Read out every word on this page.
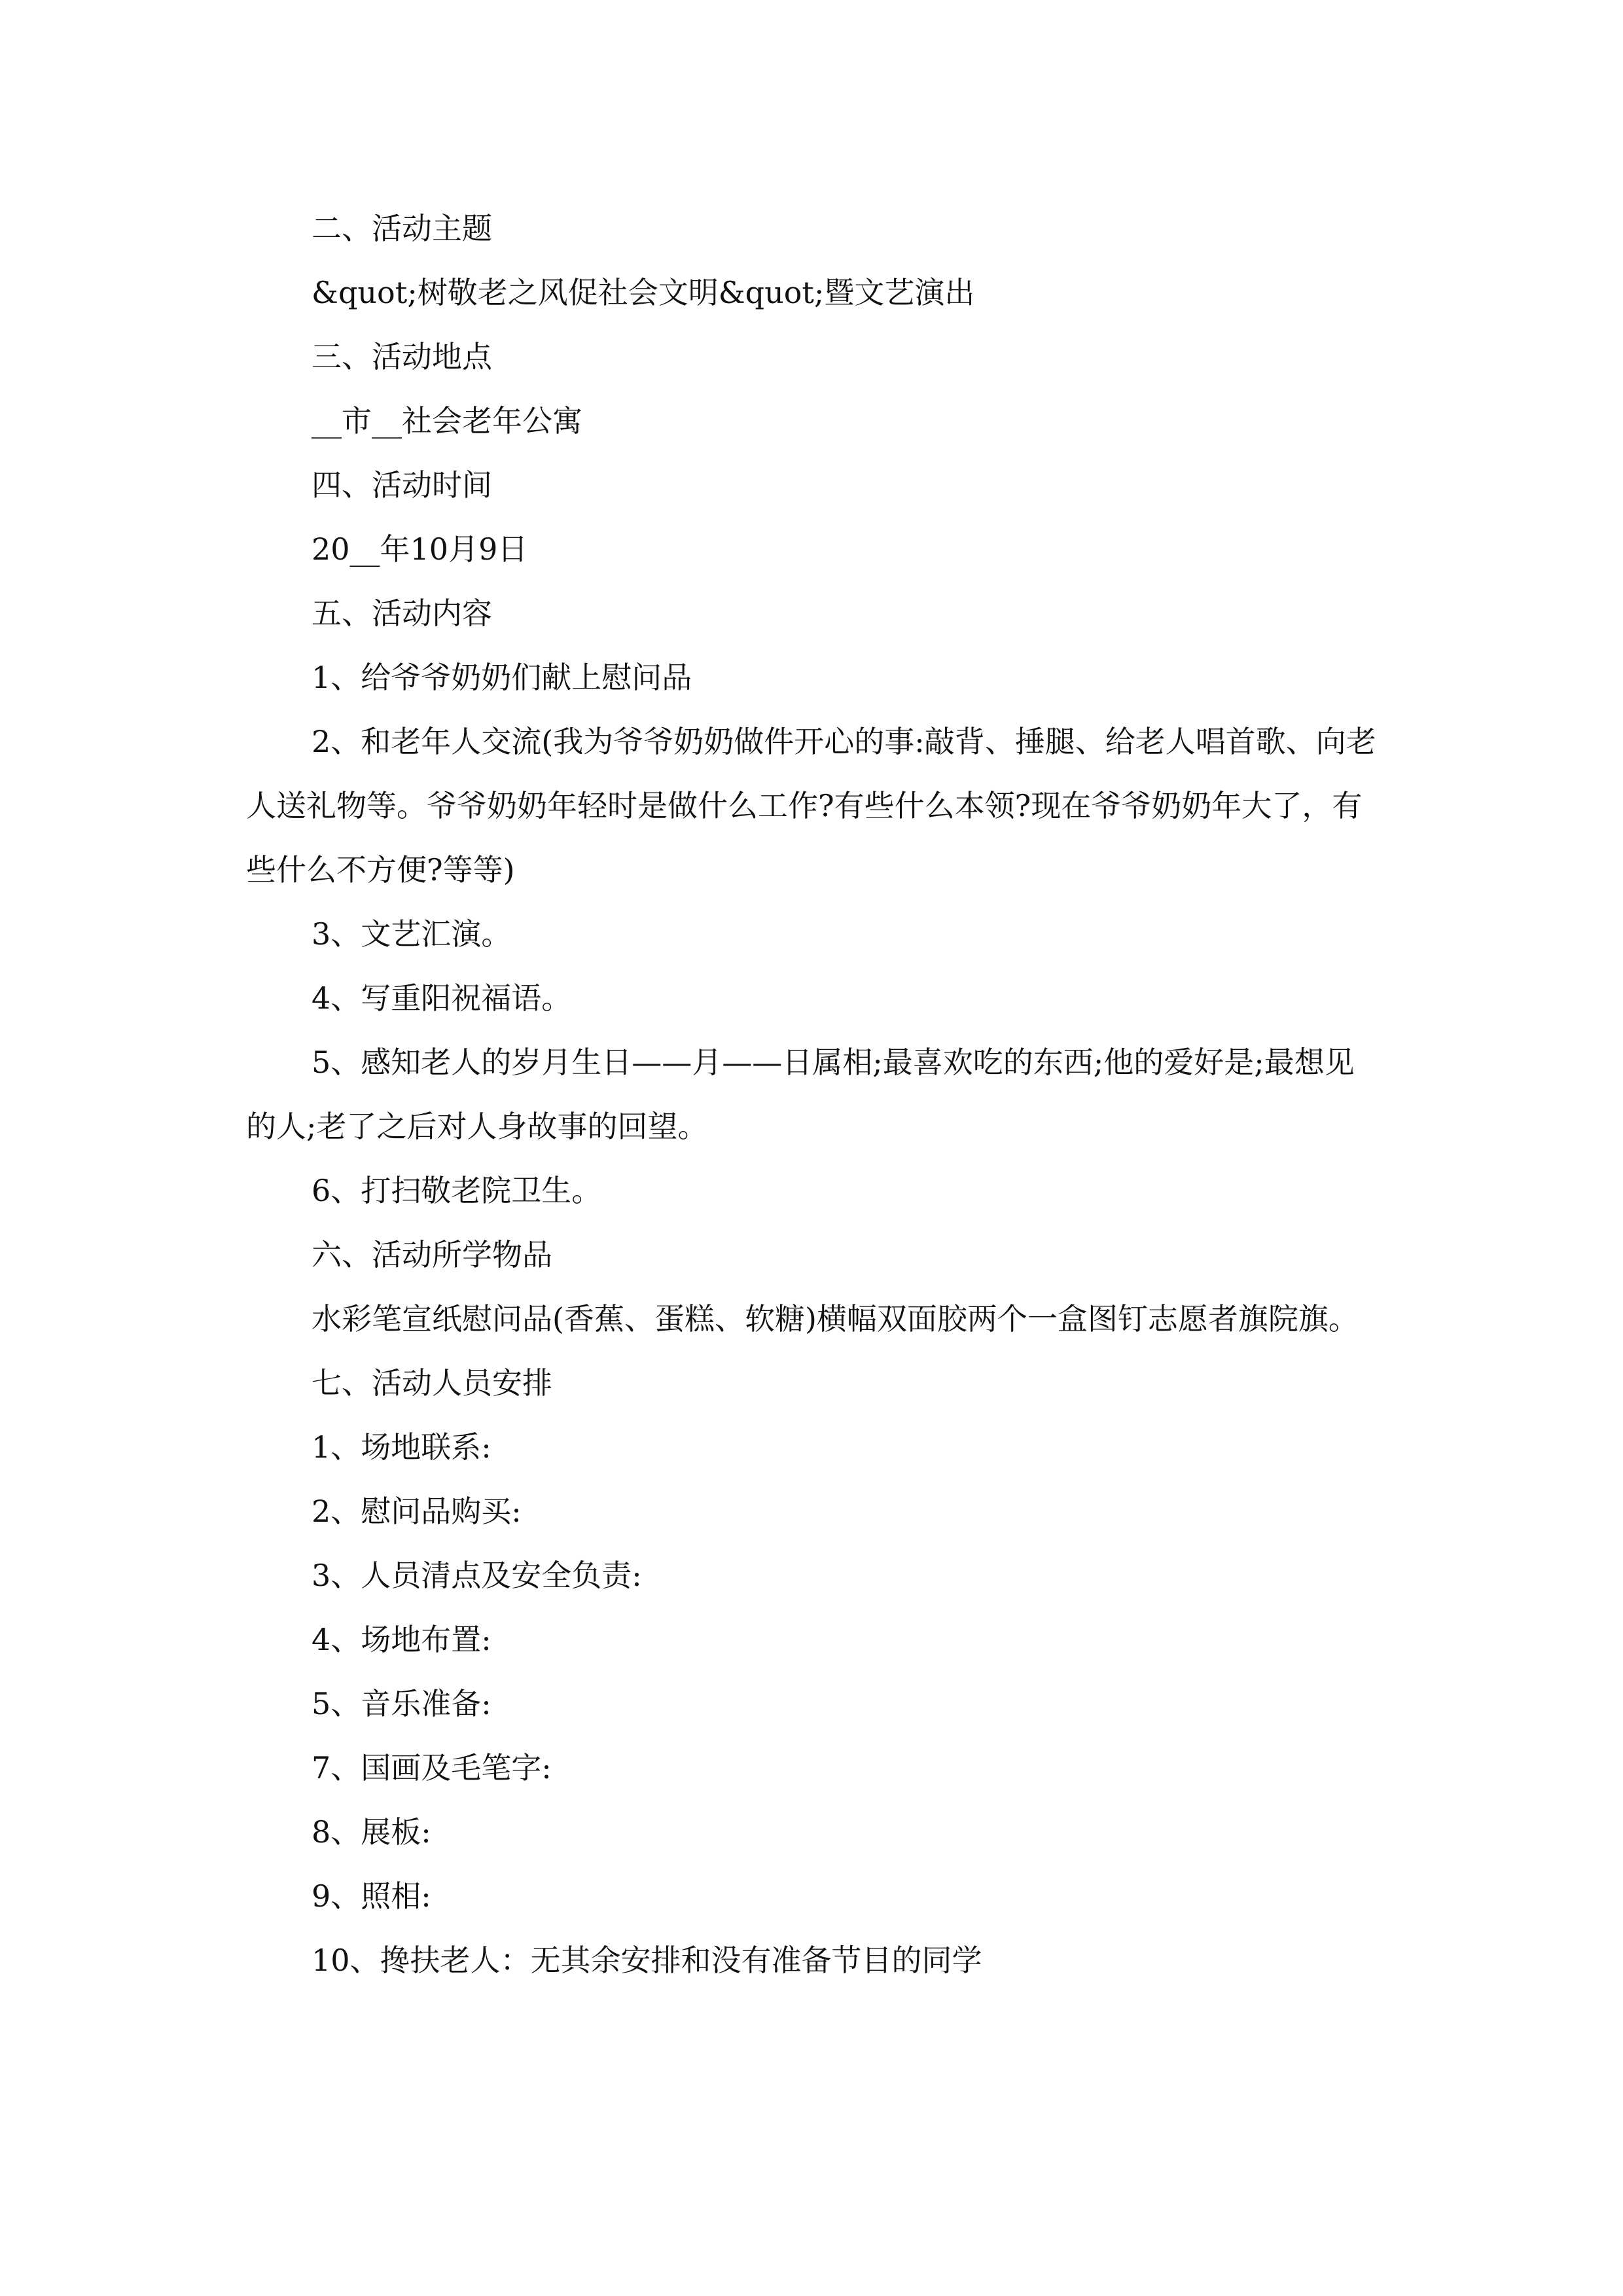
二、活动主题

&quot;树敬老之风促社会文明&quot;暨文艺演出

三、活动地点

__市__社会老年公寓

四、活动时间

20__年10月9日

五、活动内容

1、给爷爷奶奶们献上慰问品

2、和老年人交流(我为爷爷奶奶做件开心的事:敲背、捶腿、给老人唱首歌、向老人送礼物等。爷爷奶奶年轻时是做什么工作?有些什么本领?现在爷爷奶奶年大了，有些什么不方便?等等)

3、文艺汇演。

4、写重阳祝福语。

5、感知老人的岁月生日——月——日属相;最喜欢吃的东西;他的爱好是;最想见的人;老了之后对人身故事的回望。

6、打扫敬老院卫生。

六、活动所学物品

水彩笔宣纸慰问品(香蕉、蛋糕、软糖)横幅双面胶两个一盒图钉志愿者旗院旗。

七、活动人员安排

1、场地联系:

2、慰问品购买:

3、人员清点及安全负责:

4、场地布置:

5、音乐准备:

7、国画及毛笔字:

8、展板:

9、照相:

10、搀扶老人：无其余安排和没有准备节目的同学
